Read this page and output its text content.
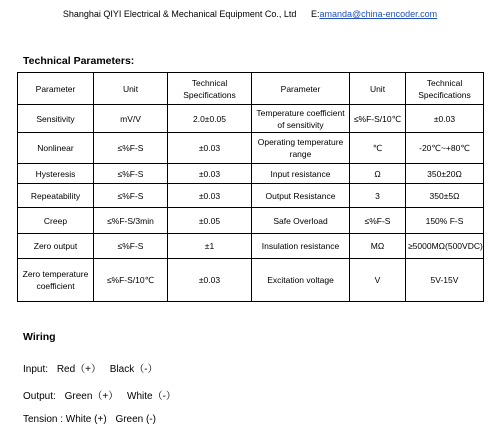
Shanghai QIYI Electrical & Mechanical Equipment Co., Ltd E:amanda@china-encoder.com
Technical Parameters:
Parameter	Unit	Technical Specifications	Parameter	Unit	Technical Specifications
Sensitivity	mV/V	2.0±0.05	Temperature coefficient of sensitivity	≤%F-S/10℃	±0.03
Nonlinear	≤%F-S	±0.03	Operating temperature range	℃	-20℃~+80℃
Hysteresis	≤%F-S	±0.03	Input resistance	Ω	350±20Ω
Repeatability	≤%F-S	±0.03	Output Resistance	3	350±5Ω
Creep	≤%F-S/3min	±0.05	Safe Overload	≤%F-S	150% F-S
Zero output	≤%F-S	±1	Insulation resistance	MΩ	≥5000MΩ(500VDC)
Zero temperature coefficient	≤%F-S/10℃	±0.03	Excitation voltage	V	5V-15V
Wiring
Input: Red（+） Black（-）
Output: Green（+） White（-）
Tension : White (+) Green (-)
